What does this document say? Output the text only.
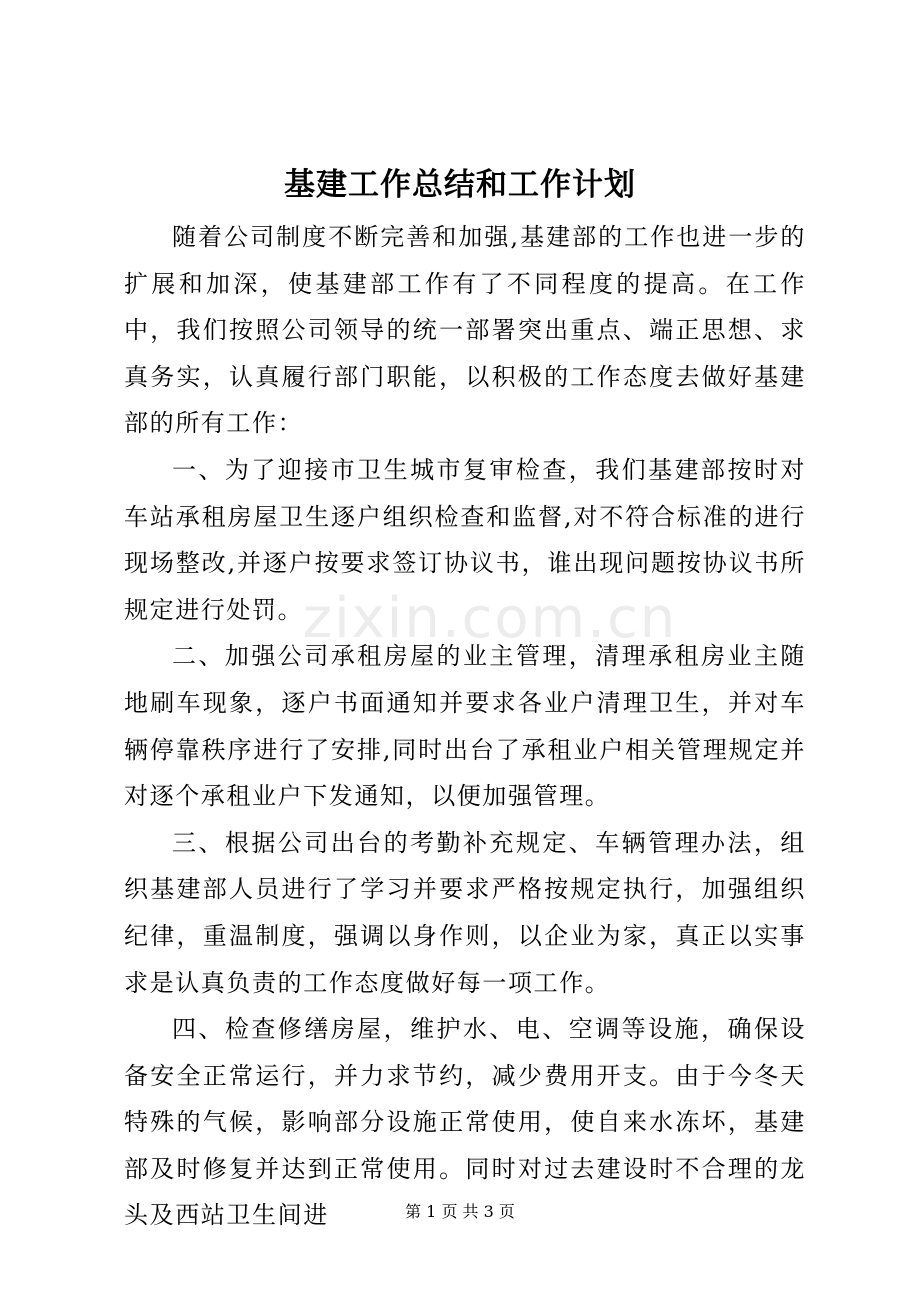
基建工作总结和工作计划

随着公司制度不断完善和加强,基建部的工作也进一步的扩展和加深，使基建部工作有了不同程度的提高。在工作中，我们按照公司领导的统一部署突出重点、端正思想、求真务实，认真履行部门职能，以积极的工作态度去做好基建部的所有工作：

一、为了迎接市卫生城市复审检查，我们基建部按时对车站承租房屋卫生逐户组织检查和监督,对不符合标准的进行现场整改,并逐户按要求签订协议书，谁出现问题按协议书所规定进行处罚。

二、加强公司承租房屋的业主管理，清理承租房业主随地刷车现象，逐户书面通知并要求各业户清理卫生，并对车辆停靠秩序进行了安排,同时出台了承租业户相关管理规定并对逐个承租业户下发通知，以便加强管理。

三、根据公司出台的考勤补充规定、车辆管理办法，组织基建部人员进行了学习并要求严格按规定执行，加强组织纪律，重温制度，强调以身作则，以企业为家，真正以实事求是认真负责的工作态度做好每一项工作。

四、检查修缮房屋，维护水、电、空调等设施，确保设备安全正常运行，并力求节约，减少费用开支。由于今冬天特殊的气候，影响部分设施正常使用，使自来水冻坏，基建部及时修复并达到正常使用。同时对过去建设时不合理的龙头及西站卫生间进

zixin.com.cn
第 1 页 共 3 页
